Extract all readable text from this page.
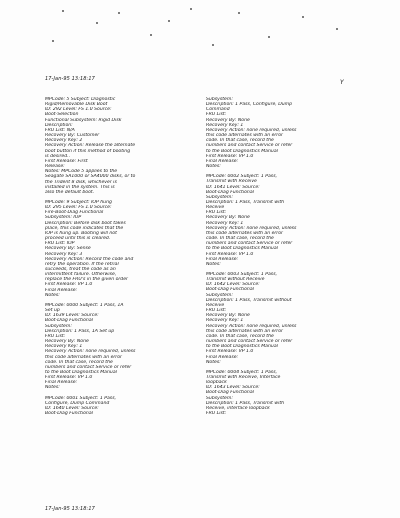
17-Jan-95 13:18:17	Y
MPCode: 5 Subject: Diagnostic
Rigid/Removable Disk Boot
ID: 292 Level: FS 1.0 Source:
Boot-Selection
Functional Subsystem: Rigid Disk
Description:
FRU List: N/A
Recovery By: Customer
Recovery Key: 2
Recovery Action: Release the alternate
boot button if this method of booting
is desired..
First Release: First
Release:
Notes: MPCode 5 applies to the
Seagate SA1000 or SA4000 disks, or to
the Trident 8 disk, whichever is
installed in the system. This is
also the default boot.
MPCode: 9 Subject: IOP hung
ID: 295 Level: FS 1.0 Source:
Fire-Boot-Diag Functional
Subsystem: IOP
Description: Before disk boot takes
place, this code indicates that the
IOP is hung up. Booting will not
proceed until this is cleared.
FRU List: IOP
Recovery By: Sense
Recovery Key: 3
Recovery Action: Record the code and
retry the operation. If the retrial
succeeds, treat the code as an
intermittent failure. Otherwise,
replace the FRU's in the given order
First Release: VP 1.0
Final Release:
Notes:
MPCode: 0000 Subject: 1 Pass, 1A
Set up
ID: 1639 Level: Source:
Boot-Diag Functional
Subsystem:
Description: 1 Pass, 1A Set up
FRU List:
Recovery By: None
Recovery Key: 1
Recovery Action: none required, unless
this code alternates with an error
code. In that case, record the
numbers and contact Service or refer
to the Boot Diagnostics Manual
First Release: VP 1.0
Final Release:
Notes:
MPCode: 0001 Subject: 1 Pass,
Configure, Dump Command
ID: 1640 Level: Source:
Boot-Diag Functional
Subsystem:
Description: 1 Pass, Configure, Dump
Command
FRU List:
Recovery By: None
Recovery Key: 1
Recovery Action: none required, unless
this code alternates with an error
code. In that case, record the
numbers and contact Service or refer
to the Boot Diagnostics Manual
First Release: VP 1.0
Final Release:
Notes:
MPCode: 0002 Subject: 1 Pass,
Transmit with Receive
ID: 1641 Level: Source:
Boot-Diag Functional
Subsystem:
Description: 1 Pass, Transmit with
Receive
FRU List:
Recovery By: None
Recovery Key: 1
Recovery Action: none required, unless
this code alternates with an error
code. In that case, record the
numbers and contact Service or refer
to the Boot Diagnostics Manual
First Release: VP 1.0
Final Release:
Notes:
MPCode: 0003 Subject: 1 Pass,
Transmit without Receive
ID: 1642 Level: Source:
Boot-Diag Functional
Subsystem:
Description: 1 Pass, Transmit without
Receive
FRU List:
Recovery By: None
Recovery Key: 1
Recovery Action: none required, unless
this code alternates with an error
code. In that case, record the
numbers and contact Service or refer
to the Boot Diagnostics Manual
First Release: VP 1.0
Final Release:
Notes:
MPCode: 0004 Subject: 1 Pass,
Transmit with Receive, Interface
loopback
ID: 1643 Level: Source:
Boot-Diag Functional
Subsystem:
Description: 1 Pass, Transmit with
Receive, interface loopback
FRU List:
17-Jan-95 13:18:17
